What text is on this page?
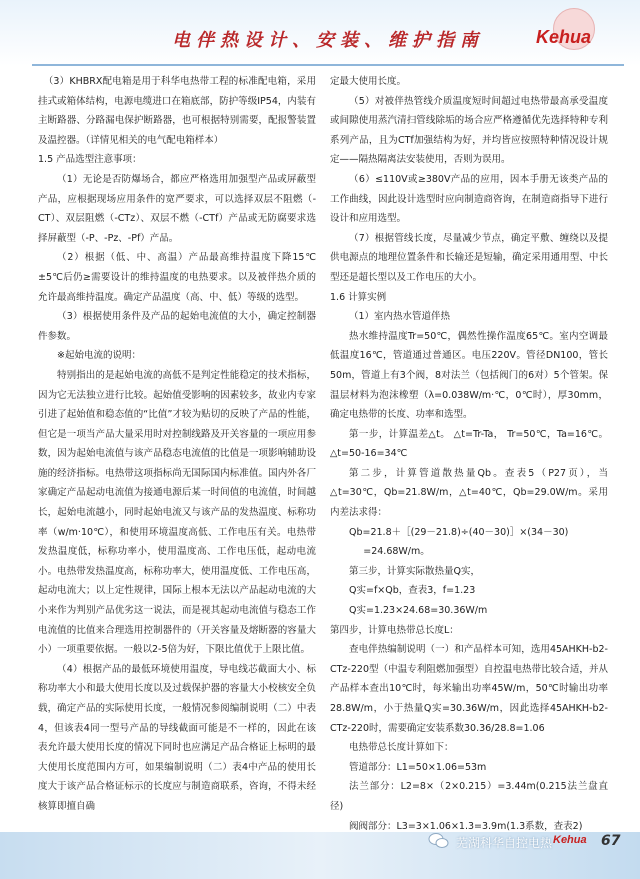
电伴热设计、安装、维护指南	Kehua

（3）KHBRX配电箱是用于科华电热带工程的标准配电箱，采用挂式或箱体结构，电源电缆进口在箱底部，防护等级IP54，内装有主断路器、分路漏电保护断路器，也可根据特别需要，配报警装置及温控器。（详情见相关的电气配电箱样本）

1.5 产品选型注意事项：

（1）无论是否防爆场合，都应严格选用加强型产品或屏蔽型产品，应根据现场应用条件的宽严要求，可以选择双层不阻燃（-CT）、双层阻燃（-CTz）、双层不燃（-CTf）产品或无防腐要求选择屏蔽型（-P、-Pz、-Pf）产品。

（2）根据（低、中、高温）产品最高维持温度下降15℃±5℃后仍≥需要设计的维持温度的电热要求。以及被伴热介质的允许最高维持温度。确定产品温度（高、中、低）等级的选型。

（3）根据使用条件及产品的起始电流值的大小，确定控制器件参数。

※起始电流的说明：

特别指出的是起始电流的高低不是判定性能稳定的技术指标，因为它无法独立进行比较。起始值受影响的因素较多，故业内专家引进了起始值和稳态值的“比值”才较为贴切的反映了产品的性能，但它是一项当产品大量采用时对控制线路及开关容量的一项应用参数，因为起始电流值与该产品稳态电流值的比值是一项影响辅助设施的经济指标。电热带这项指标尚无国际国内标准值。国内外各厂家确定产品起动电流值为接通电源后某一时间值的电流值，时间越长，起始电流越小，同时起始电流又与该产品的发热温度、标称功率（w/m·10℃），和使用环境温度高低、工作电压有关。电热带发热温度低，标称功率小，使用温度高、工作电压低，起动电流小。电热带发热温度高，标称功率大，使用温度低、工作电压高，起动电流大；以上定性规律，国际上根本无法以产品起动电流的大小来作为判别产品优劣这一说法，而是视其起动电流值与稳态工作电流值的比值来合理选用控制器件的（开关容量及熔断器的容量大小）一项重要依据。一般以2-5倍为好，下限比值优于上限比值。

（4）根据产品的最低环境使用温度，导电线芯截面大小、标称功率大小和最大使用长度以及过载保护器的容量大小校核安全负载，确定产品的实际使用长度，一般情况参阅编制说明（二）中表4，但该表4同一型号产品的导线截面可能是不一样的，因此在该表允许最大使用长度的情况下同时也应满足产品合格证上标明的最大使用长度范围内方可，如果编制说明（二）表4中产品的使用长度大于该产品合格证标示的长度应与制造商联系，咨询，不得未经核算即擅自确

定最大使用长度。

（5）对被伴热管线介质温度短时间超过电热带最高承受温度或间隙使用蒸汽清扫管线除垢的场合应严格遵循优先选择特种专利系列产品，且为CTf加强结构为好，并均皆应按照特种情况设计规定——隔热隔离法安装使用，否则为误用。

（6）≤110V或≥380V产品的应用，因本手册无该类产品的工作曲线，因此设计选型时应向制造商咨询，在制造商指导下进行设计和应用选型。

（7）根据管线长度，尽量减少节点，确定平敷、缠绕以及提供电源点的地理位置条件和长输还是短输，确定采用通用型、中长型还是超长型以及工作电压的大小。

1.6 计算实例

（1）室内热水管道伴热

热水维持温度Tr=50℃，偶然性操作温度65℃。室内空调最低温度16℃，管道通过普通区。电压220V。管径DN100，管长50m，管道上有3个阀，8对法兰（包括阀门的6对）5个管架。保温层材料为泡沫橡塑（λ=0.038W/m·℃，0℃时），厚30mm，确定电热带的长度、功率和选型。

第一步，计算温差△t。 △t=Tr-Ta， Tr=50℃，Ta=16℃。 △t=50-16=34℃

第二步，计算管道散热量Qb。查表5（P27页），当△t=30℃，Qb=21.8W/m，△t=40℃，Qb=29.0W/m。采用内差法求得：

Qb=21.8＋［(29－21.8)÷(40－30)］×(34－30)

=24.68W/m。

第三步，计算实际散热量Q实，

Q实=f×Qb，查表3，f=1.23

Q实=1.23×24.68=30.36W/m

第四步，计算电热带总长度L：

查电伴热编制说明（一）和产品样本可知，选用45AHKH-b2-CTz-220型（中温专利阻燃加强型）自控温电热带比较合适，并从产品样本查出10℃时，每米输出功率45W/m，50℃时输出功率28.8W/m，小于热量Q实=30.36W/m，因此选择45AHKH-b2-CTz-220时，需要确定安装系数30.36/28.8=1.06

电热带总长度计算如下：

管道部分：L1=50×1.06=53m

法兰部分：L2=8×（2×0.215）=3.44m(0.215法兰盘直径)

阀阀部分：L3=3×1.06×1.3=3.9m(1.3系数，查表2)

芜湖科华自控电热 Kehua 67
